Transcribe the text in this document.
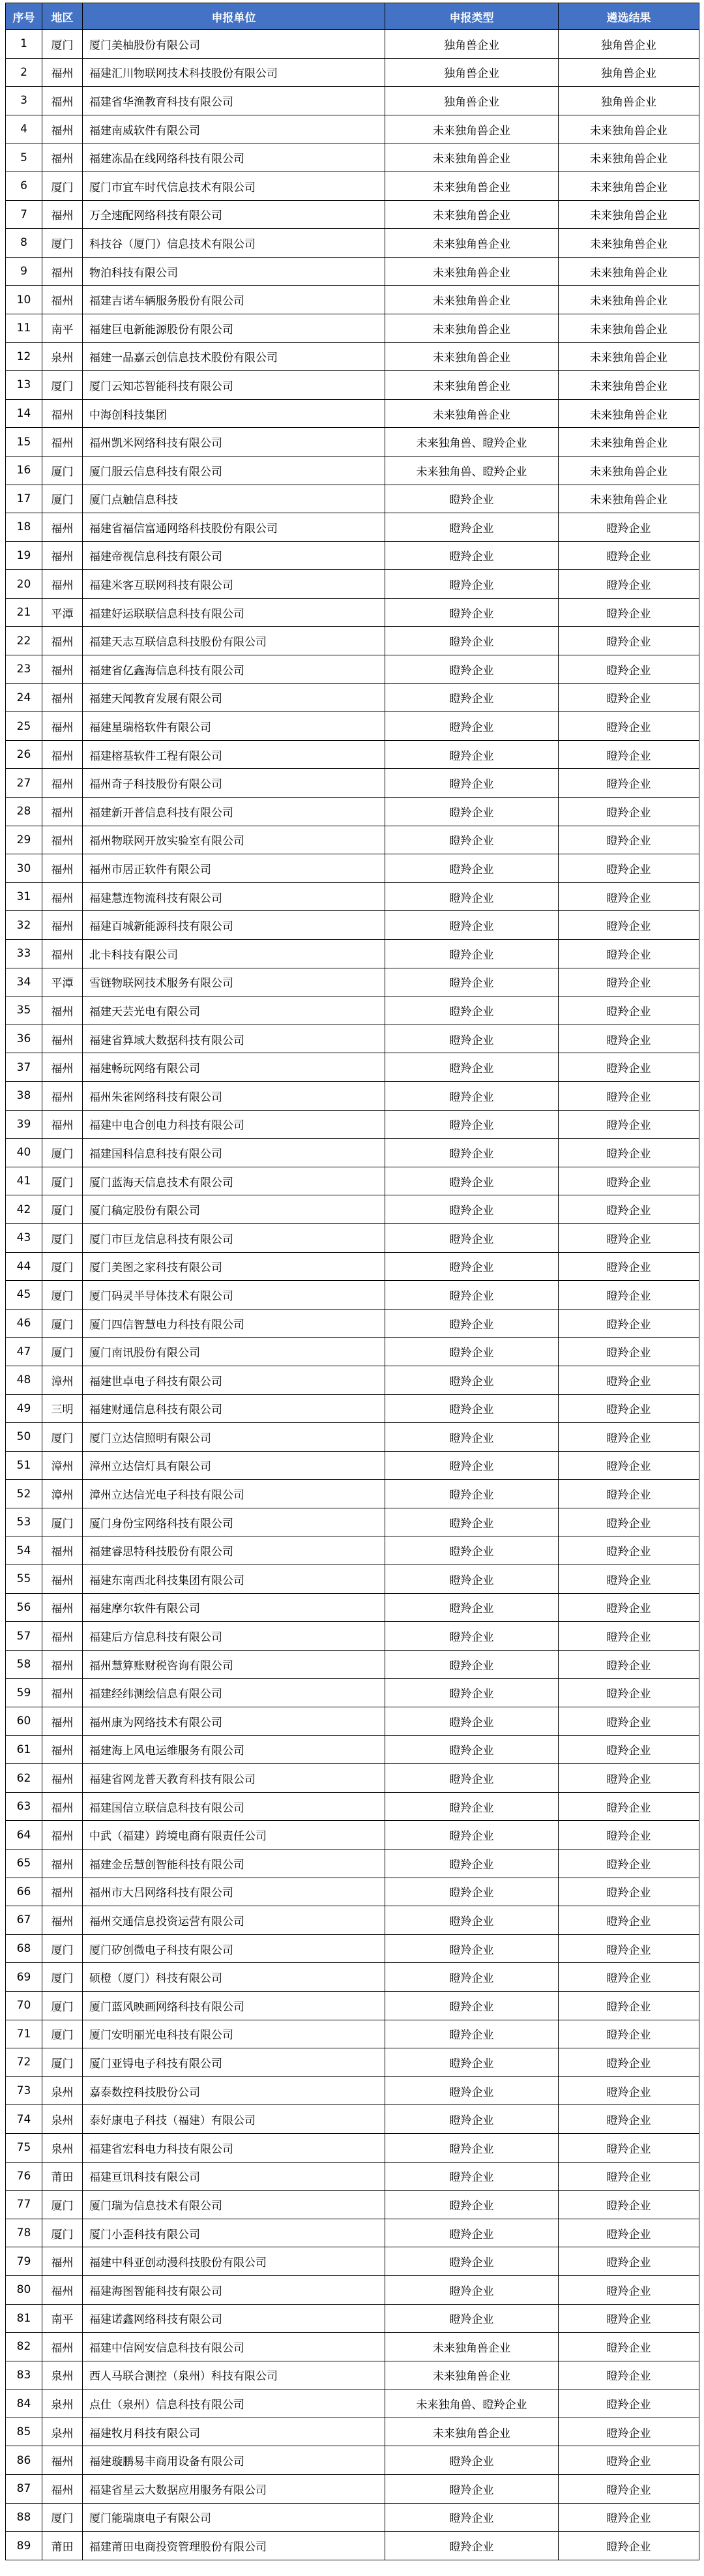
序号	地区	申报单位	申报类型	遴选结果
1	厦门	厦门美柚股份有限公司	独角兽企业	独角兽企业
2	福州	福建汇川物联网技术科技股份有限公司	独角兽企业	独角兽企业
3	福州	福建省华渔教育科技有限公司	独角兽企业	独角兽企业
4	福州	福建南威软件有限公司	未来独角兽企业	未来独角兽企业
5	福州	福建冻品在线网络科技有限公司	未来独角兽企业	未来独角兽企业
6	厦门	厦门市宜车时代信息技术有限公司	未来独角兽企业	未来独角兽企业
7	福州	万全速配网络科技有限公司	未来独角兽企业	未来独角兽企业
8	厦门	科技谷（厦门）信息技术有限公司	未来独角兽企业	未来独角兽企业
9	福州	物泊科技有限公司	未来独角兽企业	未来独角兽企业
10	福州	福建吉诺车辆服务股份有限公司	未来独角兽企业	未来独角兽企业
11	南平	福建巨电新能源股份有限公司	未来独角兽企业	未来独角兽企业
12	泉州	福建一品嘉云创信息技术股份有限公司	未来独角兽企业	未来独角兽企业
13	厦门	厦门云知芯智能科技有限公司	未来独角兽企业	未来独角兽企业
14	福州	中海创科技集团	未来独角兽企业	未来独角兽企业
15	福州	福州凯米网络科技有限公司	未来独角兽、瞪羚企业	未来独角兽企业
16	厦门	厦门服云信息科技有限公司	未来独角兽、瞪羚企业	未来独角兽企业
17	厦门	厦门点触信息科技	瞪羚企业	未来独角兽企业
18	福州	福建省福信富通网络科技股份有限公司	瞪羚企业	瞪羚企业
19	福州	福建帝视信息科技有限公司	瞪羚企业	瞪羚企业
20	福州	福建米客互联网科技有限公司	瞪羚企业	瞪羚企业
21	平潭	福建好运联联信息科技有限公司	瞪羚企业	瞪羚企业
22	福州	福建天志互联信息科技股份有限公司	瞪羚企业	瞪羚企业
23	福州	福建省亿鑫海信息科技有限公司	瞪羚企业	瞪羚企业
24	福州	福建天闻教育发展有限公司	瞪羚企业	瞪羚企业
25	福州	福建星瑞格软件有限公司	瞪羚企业	瞪羚企业
26	福州	福建榕基软件工程有限公司	瞪羚企业	瞪羚企业
27	福州	福州奇子科技股份有限公司	瞪羚企业	瞪羚企业
28	福州	福建新开普信息科技有限公司	瞪羚企业	瞪羚企业
29	福州	福州物联网开放实验室有限公司	瞪羚企业	瞪羚企业
30	福州	福州市居正软件有限公司	瞪羚企业	瞪羚企业
31	福州	福建慧连物流科技有限公司	瞪羚企业	瞪羚企业
32	福州	福建百城新能源科技有限公司	瞪羚企业	瞪羚企业
33	福州	北卡科技有限公司	瞪羚企业	瞪羚企业
34	平潭	雪链物联网技术服务有限公司	瞪羚企业	瞪羚企业
35	福州	福建天芸光电有限公司	瞪羚企业	瞪羚企业
36	福州	福建省算域大数据科技有限公司	瞪羚企业	瞪羚企业
37	福州	福建畅玩网络有限公司	瞪羚企业	瞪羚企业
38	福州	福州朱雀网络科技有限公司	瞪羚企业	瞪羚企业
39	福州	福建中电合创电力科技有限公司	瞪羚企业	瞪羚企业
40	厦门	福建国科信息科技有限公司	瞪羚企业	瞪羚企业
41	厦门	厦门蓝海天信息技术有限公司	瞪羚企业	瞪羚企业
42	厦门	厦门稿定股份有限公司	瞪羚企业	瞪羚企业
43	厦门	厦门市巨龙信息科技有限公司	瞪羚企业	瞪羚企业
44	厦门	厦门美图之家科技有限公司	瞪羚企业	瞪羚企业
45	厦门	厦门码灵半导体技术有限公司	瞪羚企业	瞪羚企业
46	厦门	厦门四信智慧电力科技有限公司	瞪羚企业	瞪羚企业
47	厦门	厦门南讯股份有限公司	瞪羚企业	瞪羚企业
48	漳州	福建世卓电子科技有限公司	瞪羚企业	瞪羚企业
49	三明	福建财通信息科技有限公司	瞪羚企业	瞪羚企业
50	厦门	厦门立达信照明有限公司	瞪羚企业	瞪羚企业
51	漳州	漳州立达信灯具有限公司	瞪羚企业	瞪羚企业
52	漳州	漳州立达信光电子科技有限公司	瞪羚企业	瞪羚企业
53	厦门	厦门身份宝网络科技有限公司	瞪羚企业	瞪羚企业
54	福州	福建睿思特科技股份有限公司	瞪羚企业	瞪羚企业
55	福州	福建东南西北科技集团有限公司	瞪羚企业	瞪羚企业
56	福州	福建摩尔软件有限公司	瞪羚企业	瞪羚企业
57	福州	福建后方信息科技有限公司	瞪羚企业	瞪羚企业
58	福州	福州慧算账财税咨询有限公司	瞪羚企业	瞪羚企业
59	福州	福建经纬测绘信息有限公司	瞪羚企业	瞪羚企业
60	福州	福州康为网络技术有限公司	瞪羚企业	瞪羚企业
61	福州	福建海上风电运维服务有限公司	瞪羚企业	瞪羚企业
62	福州	福建省网龙普天教育科技有限公司	瞪羚企业	瞪羚企业
63	福州	福建国信立联信息科技有限公司	瞪羚企业	瞪羚企业
64	福州	中武（福建）跨境电商有限责任公司	瞪羚企业	瞪羚企业
65	福州	福建金岳慧创智能科技有限公司	瞪羚企业	瞪羚企业
66	福州	福州市大吕网络科技有限公司	瞪羚企业	瞪羚企业
67	福州	福州交通信息投资运营有限公司	瞪羚企业	瞪羚企业
68	厦门	厦门矽创微电子科技有限公司	瞪羚企业	瞪羚企业
69	厦门	硕橙（厦门）科技有限公司	瞪羚企业	瞪羚企业
70	厦门	厦门蓝风映画网络科技有限公司	瞪羚企业	瞪羚企业
71	厦门	厦门安明丽光电科技有限公司	瞪羚企业	瞪羚企业
72	厦门	厦门亚锝电子科技有限公司	瞪羚企业	瞪羚企业
73	泉州	嘉泰数控科技股份公司	瞪羚企业	瞪羚企业
74	泉州	泰好康电子科技（福建）有限公司	瞪羚企业	瞪羚企业
75	泉州	福建省宏科电力科技有限公司	瞪羚企业	瞪羚企业
76	莆田	福建亘讯科技有限公司	瞪羚企业	瞪羚企业
77	厦门	厦门瑞为信息技术有限公司	瞪羚企业	瞪羚企业
78	厦门	厦门小歪科技有限公司	瞪羚企业	瞪羚企业
79	福州	福建中科亚创动漫科技股份有限公司	瞪羚企业	瞪羚企业
80	福州	福建海图智能科技有限公司	瞪羚企业	瞪羚企业
81	南平	福建诺鑫网络科技有限公司	瞪羚企业	瞪羚企业
82	福州	福建中信网安信息科技有限公司	未来独角兽企业	瞪羚企业
83	泉州	西人马联合测控（泉州）科技有限公司	未来独角兽企业	瞪羚企业
84	泉州	点仕（泉州）信息科技有限公司	未来独角兽、瞪羚企业	瞪羚企业
85	泉州	福建牧月科技有限公司	未来独角兽企业	瞪羚企业
86	福州	福建璇鹏易丰商用设备有限公司	瞪羚企业	瞪羚企业
87	福州	福建省星云大数据应用服务有限公司	瞪羚企业	瞪羚企业
88	厦门	厦门能瑞康电子有限公司	瞪羚企业	瞪羚企业
89	莆田	福建莆田电商投资管理股份有限公司	瞪羚企业	瞪羚企业
